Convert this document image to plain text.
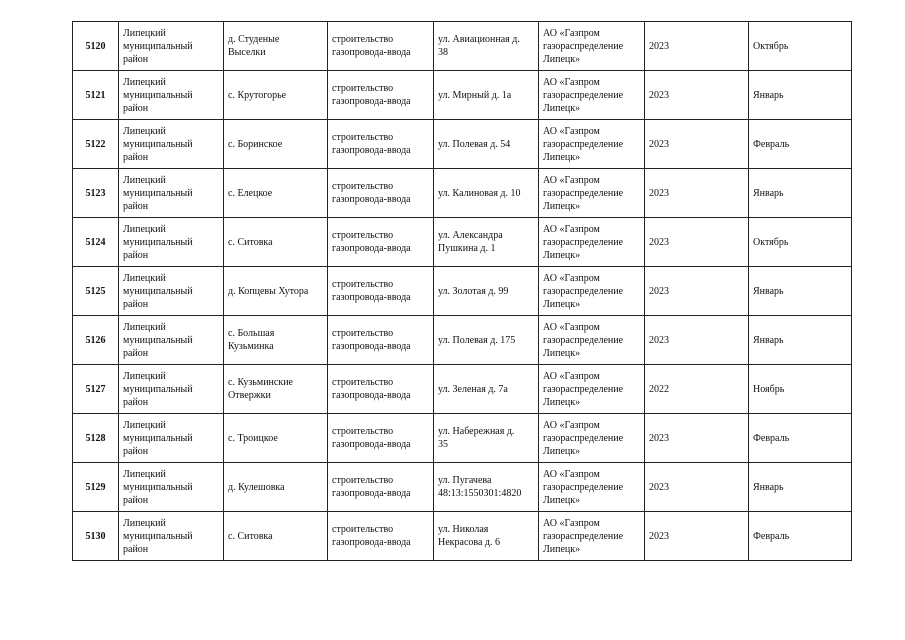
5120	Липецкий
муниципальный
район	д. Студеные
Выселки	строительство
газопровода-ввода	ул. Авиационная д.
38	АО «Газпром
газораспределение
Липецк»	2023	Октябрь
5121	Липецкий
муниципальный
район	с. Крутогорье	строительство
газопровода-ввода	ул. Мирный д. 1а	АО «Газпром
газораспределение
Липецк»	2023	Январь
5122	Липецкий
муниципальный
район	с. Боринское	строительство
газопровода-ввода	ул. Полевая д. 54	АО «Газпром
газораспределение
Липецк»	2023	Февраль
5123	Липецкий
муниципальный
район	с. Елецкое	строительство
газопровода-ввода	ул. Калиновая д. 10	АО «Газпром
газораспределение
Липецк»	2023	Январь
5124	Липецкий
муниципальный
район	с. Ситовка	строительство
газопровода-ввода	ул. Александра
Пушкина д. 1	АО «Газпром
газораспределение
Липецк»	2023	Октябрь
5125	Липецкий
муниципальный
район	д. Копцевы Хутора	строительство
газопровода-ввода	ул. Золотая д. 99	АО «Газпром
газораспределение
Липецк»	2023	Январь
5126	Липецкий
муниципальный
район	с. Большая
Кузьминка	строительство
газопровода-ввода	ул. Полевая д. 175	АО «Газпром
газораспределение
Липецк»	2023	Январь
5127	Липецкий
муниципальный
район	с. Кузьминские
Отвержки	строительство
газопровода-ввода	ул. Зеленая д. 7а	АО «Газпром
газораспределение
Липецк»	2022	Ноябрь
5128	Липецкий
муниципальный
район	с. Троицкое	строительство
газопровода-ввода	ул. Набережная д.
35	АО «Газпром
газораспределение
Липецк»	2023	Февраль
5129	Липецкий
муниципальный
район	д. Кулешовка	строительство
газопровода-ввода	ул. Пугачева
48:13:1550301:4820	АО «Газпром
газораспределение
Липецк»	2023	Январь
5130	Липецкий
муниципальный
район	с. Ситовка	строительство
газопровода-ввода	ул. Николая
Некрасова д. 6	АО «Газпром
газораспределение
Липецк»	2023	Февраль
